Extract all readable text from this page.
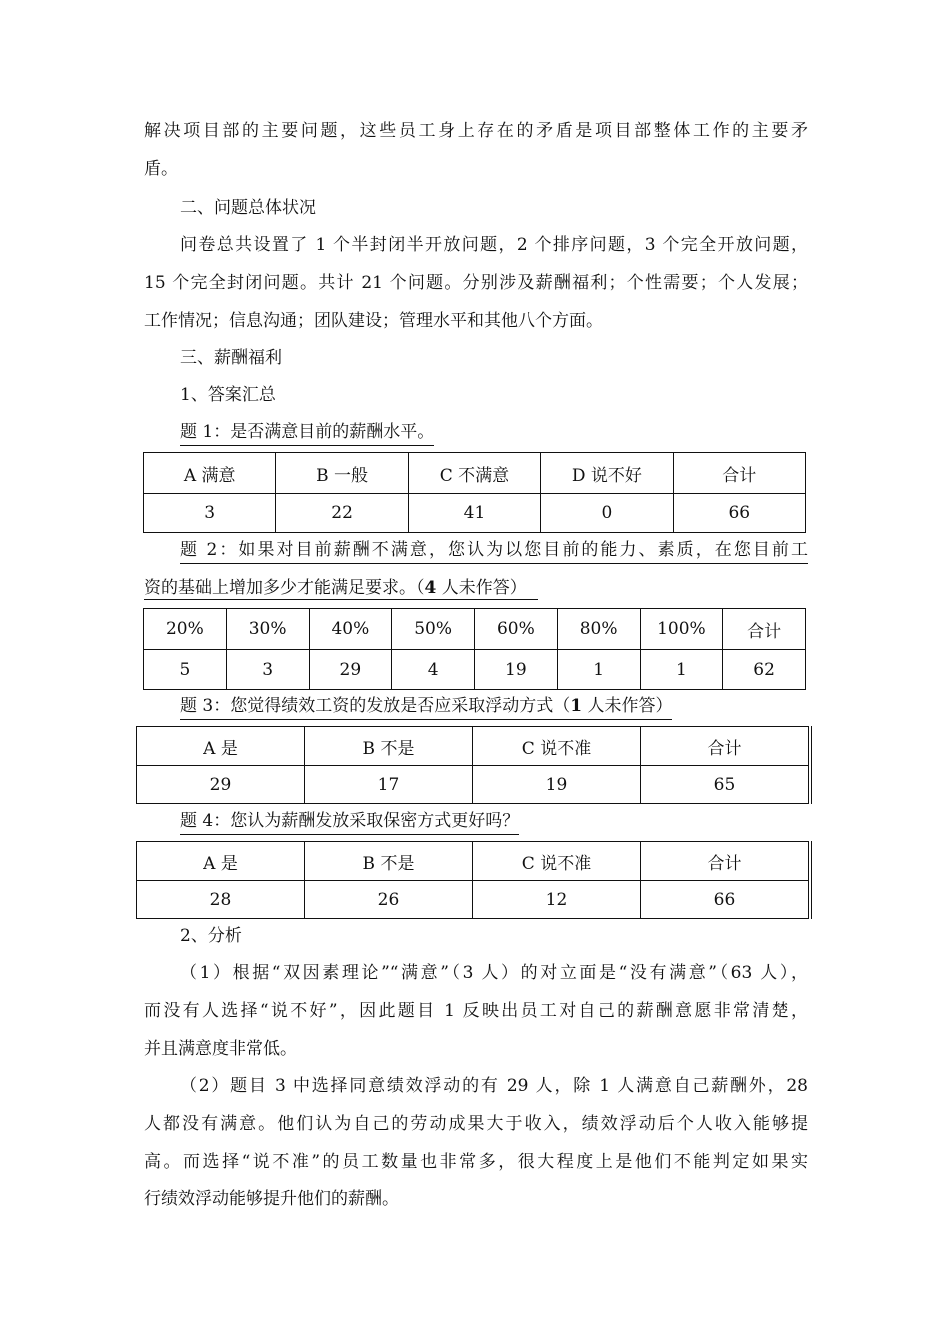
解决项目部的主要问题，这些员工身上存在的矛盾是项目部整体工作的主要矛
盾。
二、问题总体状况
问卷总共设置了 1 个半封闭半开放问题，2 个排序问题，3 个完全开放问题，
15 个完全封闭问题。共计 21 个问题。分别涉及薪酬福利；个性需要；个人发展；
工作情况；信息沟通；团队建设；管理水平和其他八个方面。
三、薪酬福利
1、答案汇总
题 1：是否满意目前的薪酬水平。
A 满意	B 一般	C 不满意	D 说不好	合计
3	22	41	0	66
题 2：如果对目前薪酬不满意，您认为以您目前的能力、素质，在您目前工
资的基础上增加多少才能满足要求。（4 人未作答）
20%	30%	40%	50%	60%	80%	100%	合计
5	3	29	4	19	1	1	62
题 3：您觉得绩效工资的发放是否应采取浮动方式（1 人未作答）
A 是	B 不是	C 说不准	合计
29	17	19	65
题 4：您认为薪酬发放采取保密方式更好吗？
A 是	B 不是	C 说不准	合计
28	26	12	66
2、分析
（1）根据“双因素理论”“满意”（3 人）的对立面是“没有满意”（63 人），
而没有人选择“说不好”，因此题目 1 反映出员工对自己的薪酬意愿非常清楚，
并且满意度非常低。
（2）题目 3 中选择同意绩效浮动的有 29 人，除 1 人满意自己薪酬外，28
人都没有满意。他们认为自己的劳动成果大于收入，绩效浮动后个人收入能够提
高。而选择“说不准”的员工数量也非常多，很大程度上是他们不能判定如果实
行绩效浮动能够提升他们的薪酬。
